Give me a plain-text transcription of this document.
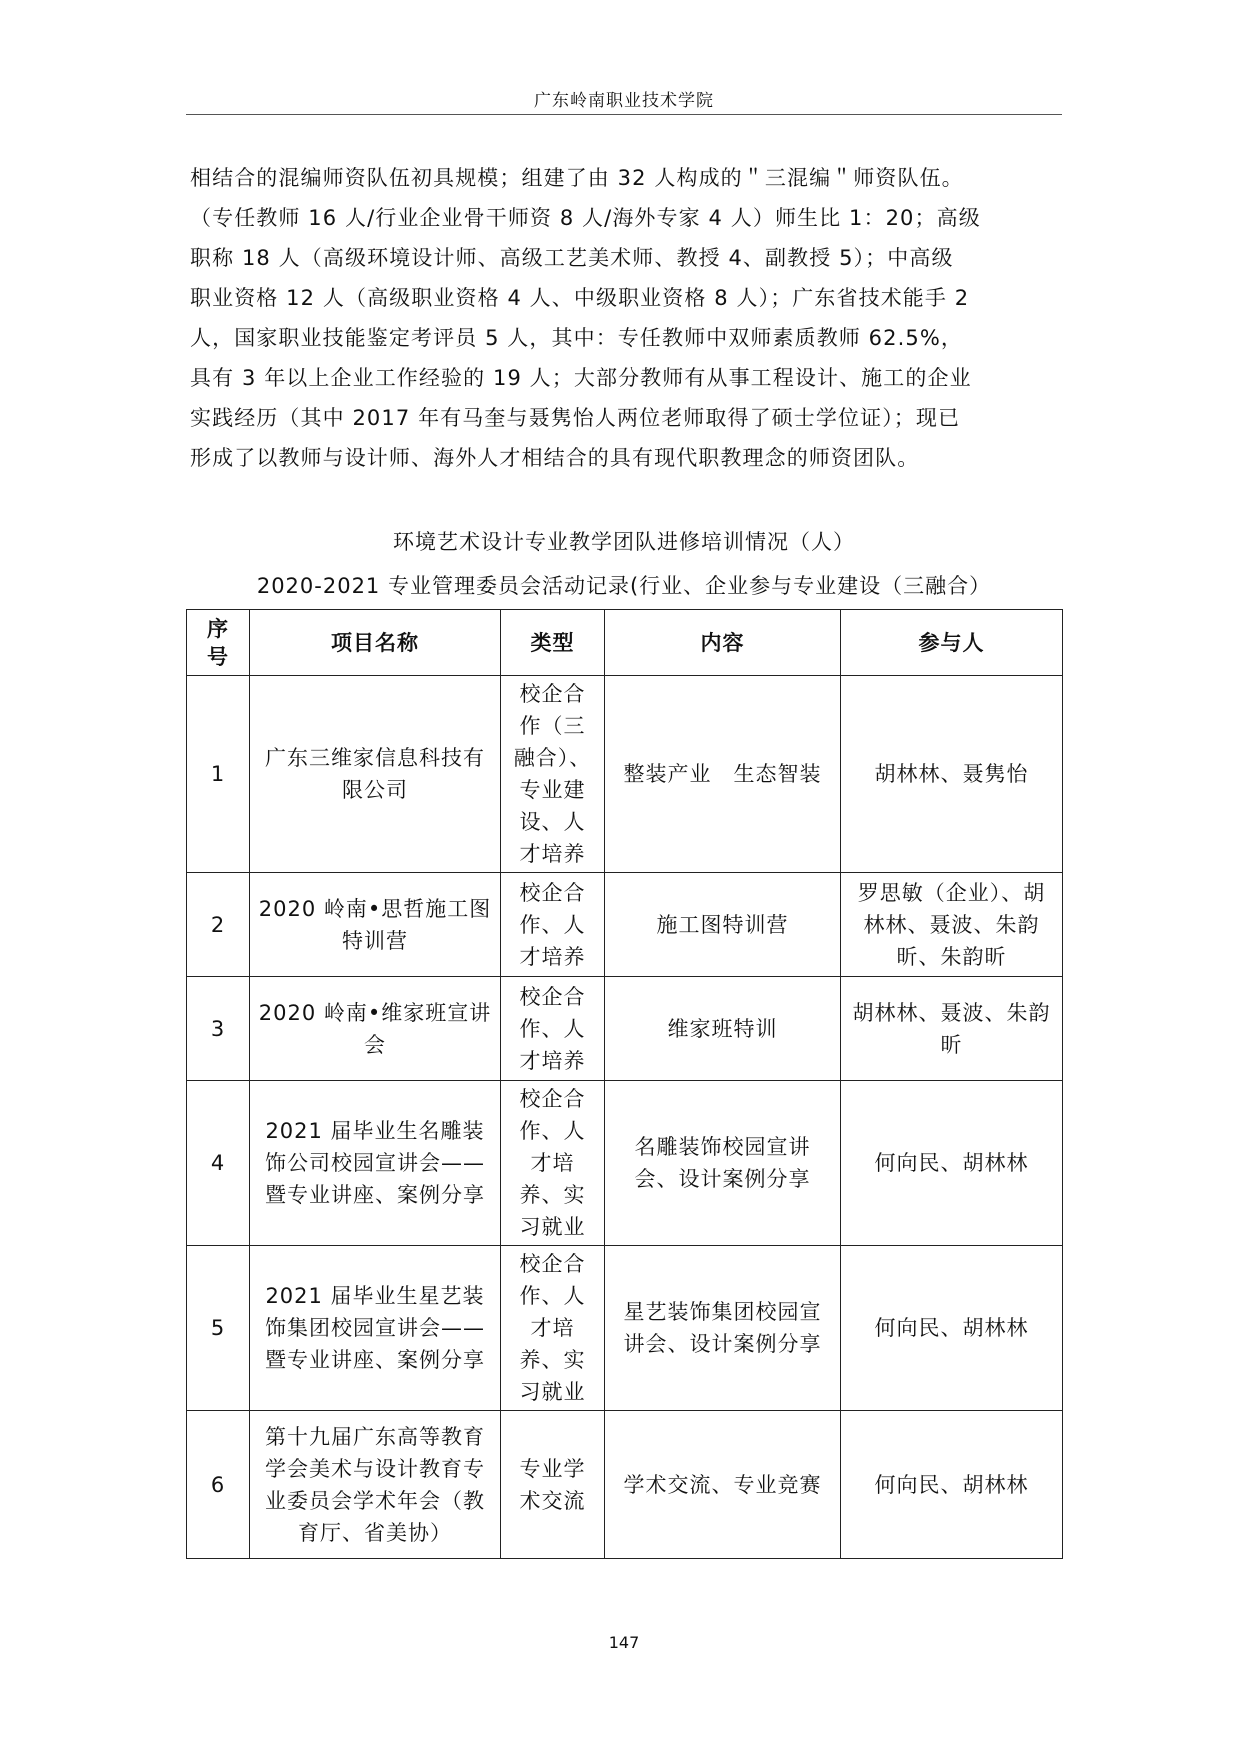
广东岭南职业技术学院
相结合的混编师资队伍初具规模；组建了由 32 人构成的＂三混编＂师资队伍。
（专任教师 16 人/行业企业骨干师资 8 人/海外专家 4 人）师生比 1：20；高级
职称 18 人（高级环境设计师、高级工艺美术师、教授 4、副教授 5）；中高级
职业资格 12 人（高级职业资格 4 人、中级职业资格 8 人）；广东省技术能手 2
人，国家职业技能鉴定考评员 5 人，其中：专任教师中双师素质教师 62.5%，
具有 3 年以上企业工作经验的 19 人；大部分教师有从事工程设计、施工的企业
实践经历（其中 2017 年有马奎与聂隽怡人两位老师取得了硕士学位证）；现已
形成了以教师与设计师、海外人才相结合的具有现代职教理念的师资团队。
环境艺术设计专业教学团队进修培训情况（人）
2020-2021 专业管理委员会活动记录(行业、企业参与专业建设（三融合）
序
号	项目名称	类型	内容	参与人
1	广东三维家信息科技有限公司	校企合作（三融合）、专业建设、人才培养	整装产业　生态智装	胡林林、聂隽怡
2	2020 岭南•思哲施工图特训营	校企合作、人才培养	施工图特训营	罗思敏（企业）、胡林林、聂波、朱韵昕、朱韵昕
3	2020 岭南•维家班宣讲会	校企合作、人才培养	维家班特训	胡林林、聂波、朱韵昕
4	2021 届毕业生名雕装饰公司校园宣讲会——暨专业讲座、案例分享	校企合作、人才培养、实习就业	名雕装饰校园宣讲会、设计案例分享	何向民、胡林林
5	2021 届毕业生星艺装饰集团校园宣讲会——暨专业讲座、案例分享	校企合作、人才培养、实习就业	星艺装饰集团校园宣讲会、设计案例分享	何向民、胡林林
6	第十九届广东高等教育学会美术与设计教育专业委员会学术年会（教育厅、省美协）	专业学术交流	学术交流、专业竞赛	何向民、胡林林
147
